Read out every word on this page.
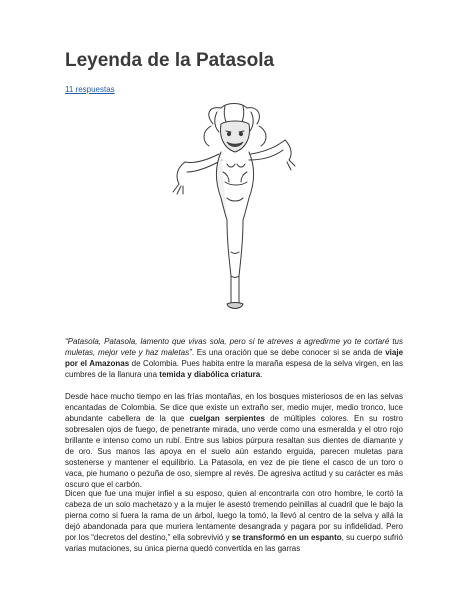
Leyenda de la Patasola
11 respuestas

“Patasola, Patasola, lamento que vivas sola, pero si te atreves a agredirme yo te cortaré tus muletas, mejor vete y haz maletas”. Es una oración que se debe conocer si se anda de viaje por el Amazonas de Colombia. Pues habita entre la maraña espesa de la selva virgen, en las cumbres de la llanura una temida y diabólica criatura.

Desde hace mucho tiempo en las frías montañas, en los bosques misteriosos de en las selvas encantadas de Colombia. Se dice que existe un extraño ser, medio mujer, medio tronco, luce abundante cabellera de la que cuelgan serpientes de múltiples colores. En su rostro sobresalen ojos de fuego, de penetrante mirada, uno verde como una esmeralda y el otro rojo brillante e intenso como un rubí. Entre sus labios púrpura resaltan sus dientes de diamante y de oro. Sus manos las apoya en el suelo aún estando erguida, parecen muletas para sostenerse y mantener el equilibrio. La Patasola, en vez de pie tiene el casco de un toro o vaca, pie humano o pezuña de oso, siempre al revés. De agresiva actitud y su carácter es más oscuro que el carbón.

Dicen que fue una mujer infiel a su esposo, quien al encontrarla con otro hombre, le cortó la cabeza de un solo machetazo y a la mujer le asestó tremendo peinillas al cuadril que le bajo la pierna como si fuera la rama de un árbol, luego la tomó, la llevó al centro de la selva y allá la dejó abandonada para que muriera lentamente desangrada y pagara por su infidelidad. Pero por los “decretos del destino,” ella sobrevivió y se transformó en un espanto, su cuerpo sufrió varias mutaciones, su única pierna quedó convertida en las garras
